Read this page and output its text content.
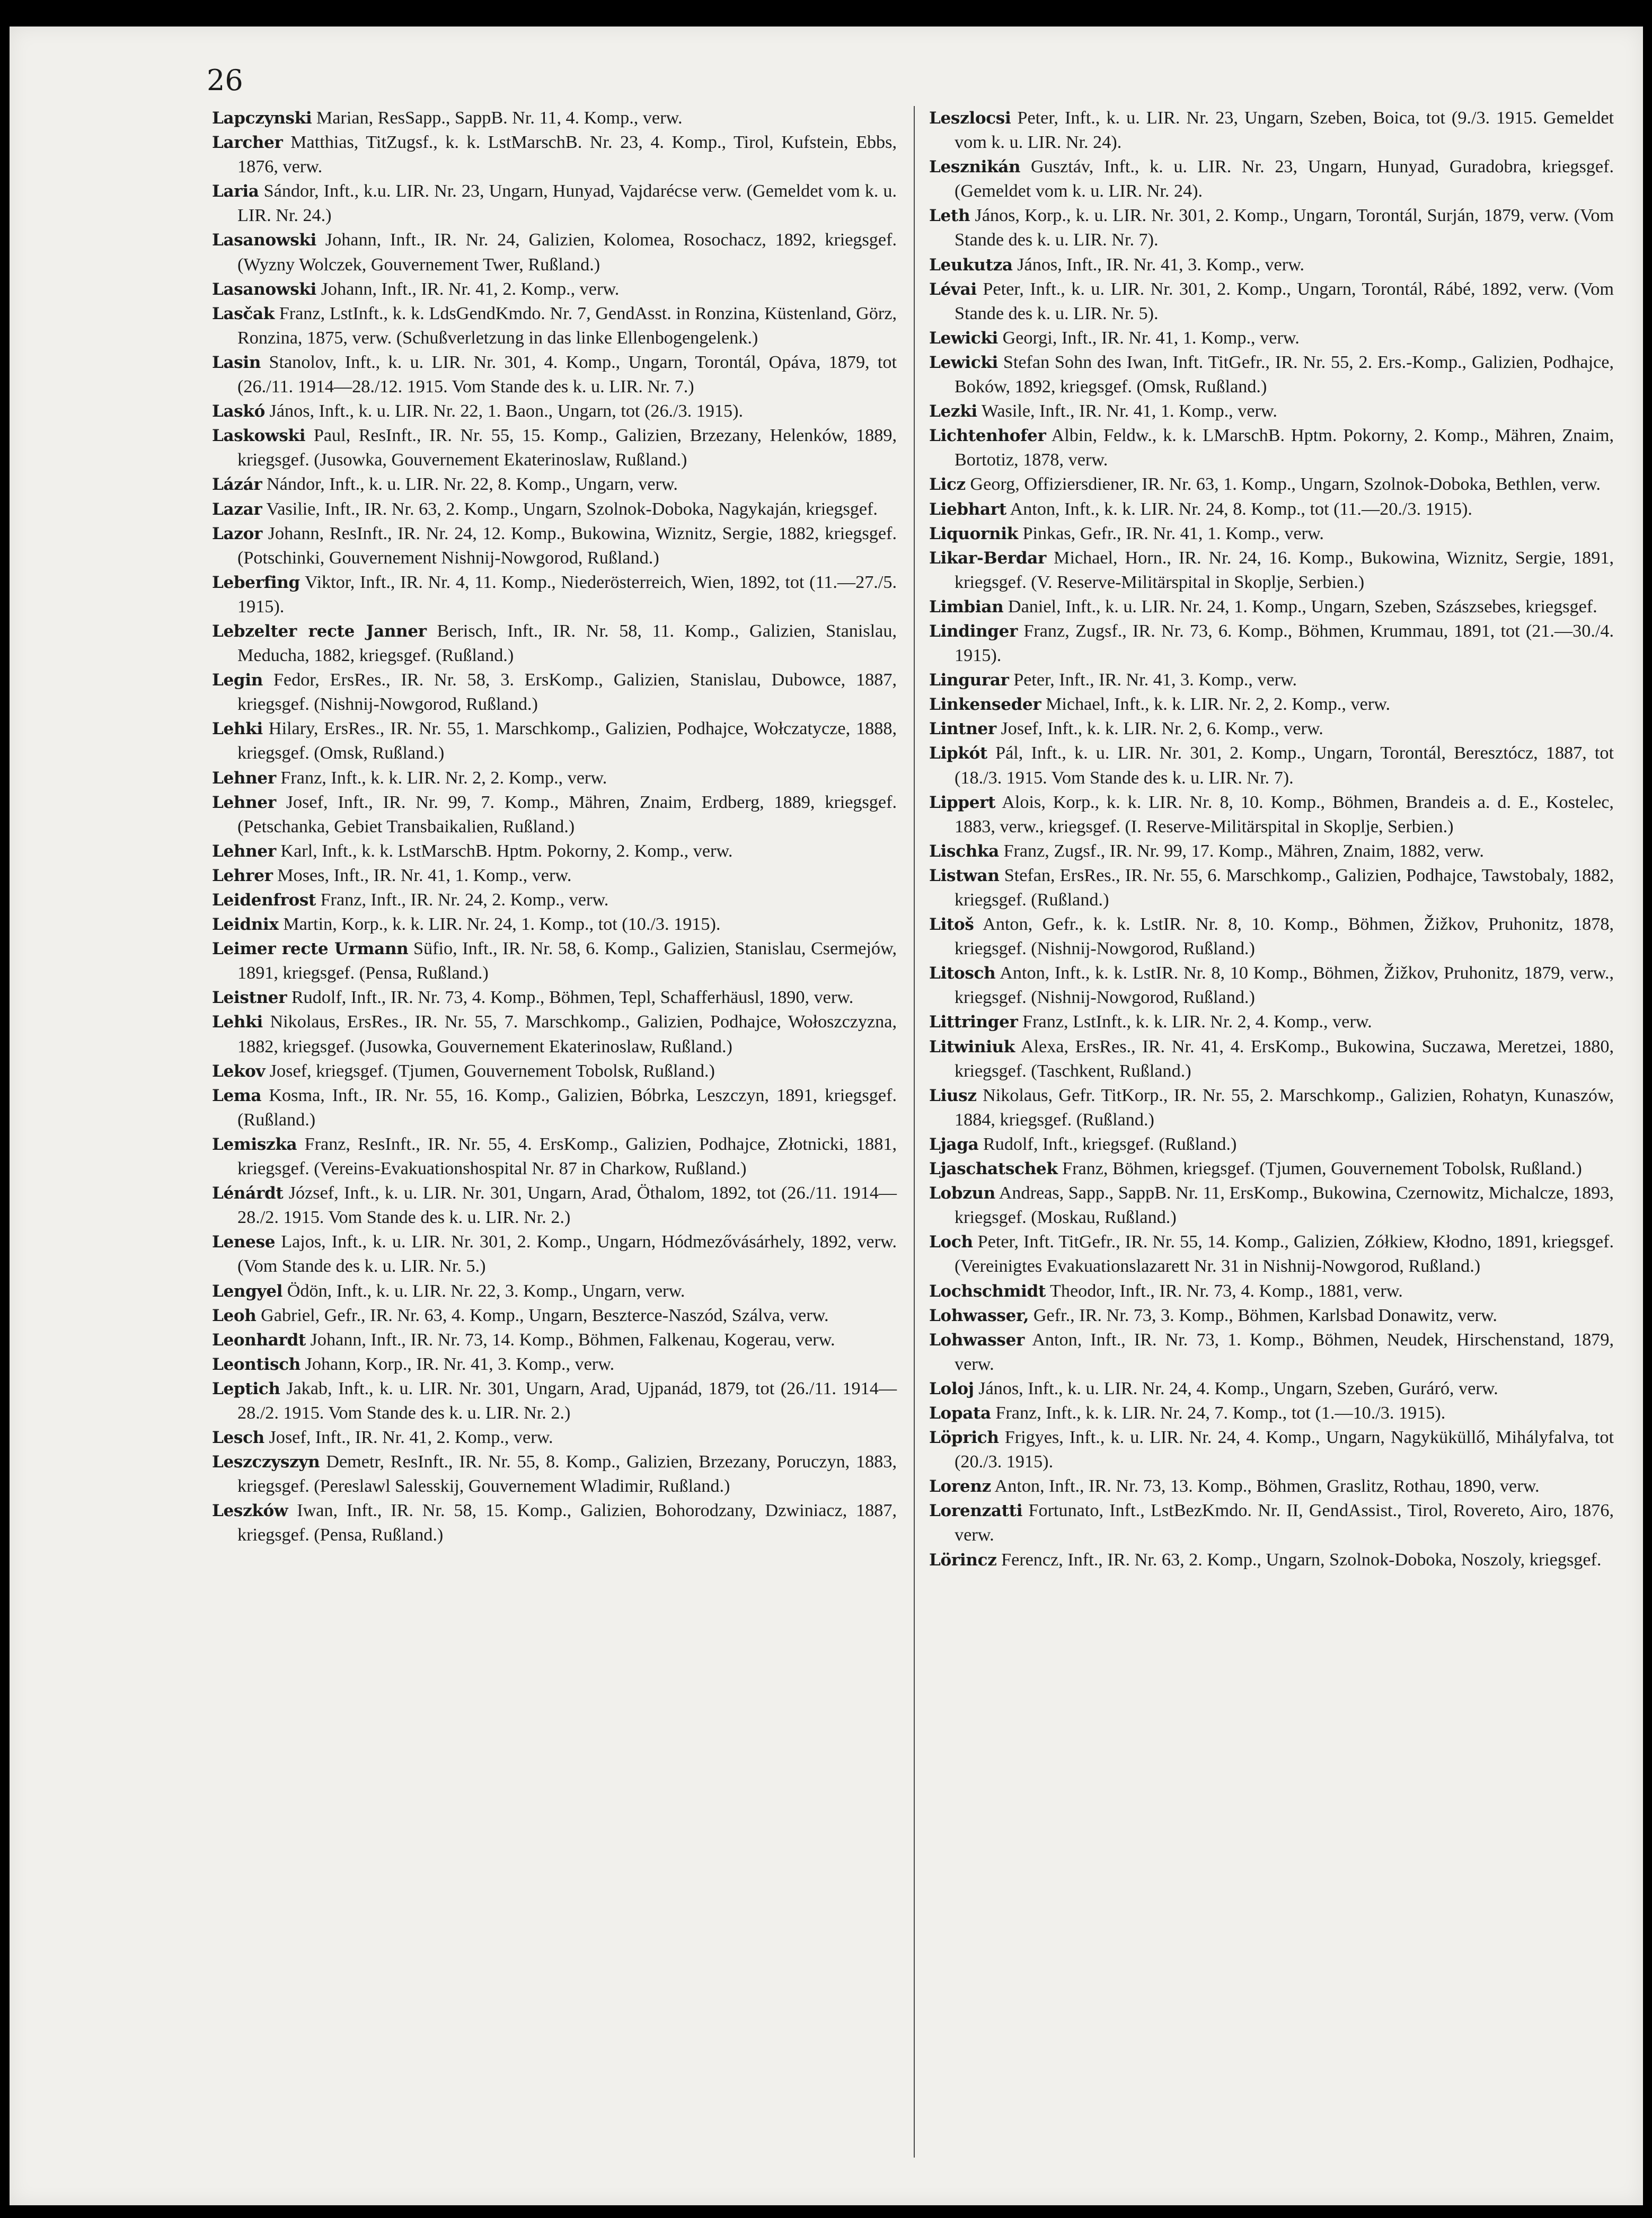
26

Lapczynski Marian, ResSapp., SappB. Nr. 11, 4. Komp., verw.

Larcher Matthias, TitZugsf., k. k. LstMarschB. Nr. 23, 4. Komp., Tirol, Kufstein, Ebbs, 1876, verw.

Laria Sándor, Inft., k.u. LIR. Nr. 23, Ungarn, Hunyad, Vajdarécse verw. (Gemeldet vom k. u. LIR. Nr. 24.)

Lasanowski Johann, Inft., IR. Nr. 24, Galizien, Kolomea, Rosochacz, 1892, kriegsgef. (Wyzny Wolczek, Gouvernement Twer, Rußland.)

Lasanowski Johann, Inft., IR. Nr. 41, 2. Komp., verw.

Lasčak Franz, LstInft., k. k. LdsGendKmdo. Nr. 7, GendAsst. in Ronzina, Küstenland, Görz, Ronzina, 1875, verw. (Schußverletzung in das linke Ellenbogengelenk.)

Lasin Stanolov, Inft., k. u. LIR. Nr. 301, 4. Komp., Ungarn, Torontál, Opáva, 1879, tot (26./11. 1914—28./12. 1915. Vom Stande des k. u. LIR. Nr. 7.)

Laskó János, Inft., k. u. LIR. Nr. 22, 1. Baon., Ungarn, tot (26./3. 1915).

Laskowski Paul, ResInft., IR. Nr. 55, 15. Komp., Galizien, Brzezany, Helenków, 1889, kriegsgef. (Jusowka, Gouvernement Ekaterinoslaw, Rußland.)

Lázár Nándor, Inft., k. u. LIR. Nr. 22, 8. Komp., Ungarn, verw.

Lazar Vasilie, Inft., IR. Nr. 63, 2. Komp., Ungarn, Szolnok-Doboka, Nagykaján, kriegsgef.

Lazor Johann, ResInft., IR. Nr. 24, 12. Komp., Bukowina, Wiznitz, Sergie, 1882, kriegsgef. (Potschinki, Gouvernement Nishnij-Nowgorod, Rußland.)

Leberfing Viktor, Inft., IR. Nr. 4, 11. Komp., Niederösterreich, Wien, 1892, tot (11.—27./5. 1915).

Lebzelter recte Janner Berisch, Inft., IR. Nr. 58, 11. Komp., Galizien, Stanislau, Meducha, 1882, kriegsgef. (Rußland.)

Legin Fedor, ErsRes., IR. Nr. 58, 3. ErsKomp., Galizien, Stanislau, Dubowce, 1887, kriegsgef. (Nishnij-Nowgorod, Rußland.)

Lehki Hilary, ErsRes., IR. Nr. 55, 1. Marschkomp., Galizien, Podhajce, Wołczatycze, 1888, kriegsgef. (Omsk, Rußland.)

Lehner Franz, Inft., k. k. LIR. Nr. 2, 2. Komp., verw.

Lehner Josef, Inft., IR. Nr. 99, 7. Komp., Mähren, Znaim, Erdberg, 1889, kriegsgef. (Petschanka, Gebiet Transbaikalien, Rußland.)

Lehner Karl, Inft., k. k. LstMarschB. Hptm. Pokorny, 2. Komp., verw.

Lehrer Moses, Inft., IR. Nr. 41, 1. Komp., verw.

Leidenfrost Franz, Inft., IR. Nr. 24, 2. Komp., verw.

Leidnix Martin, Korp., k. k. LIR. Nr. 24, 1. Komp., tot (10./3. 1915).

Leimer recte Urmann Süfio, Inft., IR. Nr. 58, 6. Komp., Galizien, Stanislau, Csermejów, 1891, kriegsgef. (Pensa, Rußland.)

Leistner Rudolf, Inft., IR. Nr. 73, 4. Komp., Böhmen, Tepl, Schafferhäusl, 1890, verw.

Lehki Nikolaus, ErsRes., IR. Nr. 55, 7. Marschkomp., Galizien, Podhajce, Wołoszczyzna, 1882, kriegsgef. (Jusowka, Gouvernement Ekaterinoslaw, Rußland.)

Lekov Josef, kriegsgef. (Tjumen, Gouvernement Tobolsk, Rußland.)

Lema Kosma, Inft., IR. Nr. 55, 16. Komp., Galizien, Bóbrka, Leszczyn, 1891, kriegsgef. (Rußland.)

Lemiszka Franz, ResInft., IR. Nr. 55, 4. ErsKomp., Galizien, Podhajce, Złotnicki, 1881, kriegsgef. (Vereins-Evakuationshospital Nr. 87 in Charkow, Rußland.)

Lénárdt József, Inft., k. u. LIR. Nr. 301, Ungarn, Arad, Öthalom, 1892, tot (26./11. 1914—28./2. 1915. Vom Stande des k. u. LIR. Nr. 2.)

Lenese Lajos, Inft., k. u. LIR. Nr. 301, 2. Komp., Ungarn, Hódmezővásárhely, 1892, verw. (Vom Stande des k. u. LIR. Nr. 5.)

Lengyel Ödön, Inft., k. u. LIR. Nr. 22, 3. Komp., Ungarn, verw.

Leoh Gabriel, Gefr., IR. Nr. 63, 4. Komp., Ungarn, Beszterce-Naszód, Szálva, verw.

Leonhardt Johann, Inft., IR. Nr. 73, 14. Komp., Böhmen, Falkenau, Kogerau, verw.

Leontisch Johann, Korp., IR. Nr. 41, 3. Komp., verw.

Leptich Jakab, Inft., k. u. LIR. Nr. 301, Ungarn, Arad, Ujpanád, 1879, tot (26./11. 1914—28./2. 1915. Vom Stande des k. u. LIR. Nr. 2.)

Lesch Josef, Inft., IR. Nr. 41, 2. Komp., verw.

Leszczyszyn Demetr, ResInft., IR. Nr. 55, 8. Komp., Galizien, Brzezany, Poruczyn, 1883, kriegsgef. (Pereslawl Salesskij, Gouvernement Wladimir, Rußland.)

Leszków Iwan, Inft., IR. Nr. 58, 15. Komp., Galizien, Bohorodzany, Dzwiniacz, 1887, kriegsgef. (Pensa, Rußland.)

Leszlocsi Peter, Inft., k. u. LIR. Nr. 23, Ungarn, Szeben, Boica, tot (9./3. 1915. Gemeldet vom k. u. LIR. Nr. 24).

Lesznikán Gusztáv, Inft., k. u. LIR. Nr. 23, Ungarn, Hunyad, Guradobra, kriegsgef. (Gemeldet vom k. u. LIR. Nr. 24).

Leth János, Korp., k. u. LIR. Nr. 301, 2. Komp., Ungarn, Torontál, Surján, 1879, verw. (Vom Stande des k. u. LIR. Nr. 7).

Leukutza János, Inft., IR. Nr. 41, 3. Komp., verw.

Lévai Peter, Inft., k. u. LIR. Nr. 301, 2. Komp., Ungarn, Torontál, Rábé, 1892, verw. (Vom Stande des k. u. LIR. Nr. 5).

Lewicki Georgi, Inft., IR. Nr. 41, 1. Komp., verw.

Lewicki Stefan Sohn des Iwan, Inft. TitGefr., IR. Nr. 55, 2. Ers.-Komp., Galizien, Podhajce, Boków, 1892, kriegsgef. (Omsk, Rußland.)

Lezki Wasile, Inft., IR. Nr. 41, 1. Komp., verw.

Lichtenhofer Albin, Feldw., k. k. LMarschB. Hptm. Pokorny, 2. Komp., Mähren, Znaim, Bortotiz, 1878, verw.

Licz Georg, Offiziersdiener, IR. Nr. 63, 1. Komp., Ungarn, Szolnok-Doboka, Bethlen, verw.

Liebhart Anton, Inft., k. k. LIR. Nr. 24, 8. Komp., tot (11.—20./3. 1915).

Liquornik Pinkas, Gefr., IR. Nr. 41, 1. Komp., verw.

Likar-Berdar Michael, Horn., IR. Nr. 24, 16. Komp., Bukowina, Wiznitz, Sergie, 1891, kriegsgef. (V. Reserve-Militärspital in Skoplje, Serbien.)

Limbian Daniel, Inft., k. u. LIR. Nr. 24, 1. Komp., Ungarn, Szeben, Szászsebes, kriegsgef.

Lindinger Franz, Zugsf., IR. Nr. 73, 6. Komp., Böhmen, Krummau, 1891, tot (21.—30./4. 1915).

Lingurar Peter, Inft., IR. Nr. 41, 3. Komp., verw.

Linkenseder Michael, Inft., k. k. LIR. Nr. 2, 2. Komp., verw.

Lintner Josef, Inft., k. k. LIR. Nr. 2, 6. Komp., verw.

Lipkót Pál, Inft., k. u. LIR. Nr. 301, 2. Komp., Ungarn, Torontál, Beresztócz, 1887, tot (18./3. 1915. Vom Stande des k. u. LIR. Nr. 7).

Lippert Alois, Korp., k. k. LIR. Nr. 8, 10. Komp., Böhmen, Brandeis a. d. E., Kostelec, 1883, verw., kriegsgef. (I. Reserve-Militärspital in Skoplje, Serbien.)

Lischka Franz, Zugsf., IR. Nr. 99, 17. Komp., Mähren, Znaim, 1882, verw.

Listwan Stefan, ErsRes., IR. Nr. 55, 6. Marschkomp., Galizien, Podhajce, Tawstobaly, 1882, kriegsgef. (Rußland.)

Litoš Anton, Gefr., k. k. LstIR. Nr. 8, 10. Komp., Böhmen, Žižkov, Pruhonitz, 1878, kriegsgef. (Nishnij-Nowgorod, Rußland.)

Litosch Anton, Inft., k. k. LstIR. Nr. 8, 10 Komp., Böhmen, Žižkov, Pruhonitz, 1879, verw., kriegsgef. (Nishnij-Nowgorod, Rußland.)

Littringer Franz, LstInft., k. k. LIR. Nr. 2, 4. Komp., verw.

Litwiniuk Alexa, ErsRes., IR. Nr. 41, 4. ErsKomp., Bukowina, Suczawa, Meretzei, 1880, kriegsgef. (Taschkent, Rußland.)

Liusz Nikolaus, Gefr. TitKorp., IR. Nr. 55, 2. Marschkomp., Galizien, Rohatyn, Kunaszów, 1884, kriegsgef. (Rußland.)

Ljaga Rudolf, Inft., kriegsgef. (Rußland.)

Ljaschatschek Franz, Böhmen, kriegsgef. (Tjumen, Gouvernement Tobolsk, Rußland.)

Lobzun Andreas, Sapp., SappB. Nr. 11, ErsKomp., Bukowina, Czernowitz, Michalcze, 1893, kriegsgef. (Moskau, Rußland.)

Loch Peter, Inft. TitGefr., IR. Nr. 55, 14. Komp., Galizien, Zółkiew, Kłodno, 1891, kriegsgef. (Vereinigtes Evakuationslazarett Nr. 31 in Nishnij-Nowgorod, Rußland.)

Lochschmidt Theodor, Inft., IR. Nr. 73, 4. Komp., 1881, verw.

Lohwasser, Gefr., IR. Nr. 73, 3. Komp., Böhmen, Karlsbad Donawitz, verw.

Lohwasser Anton, Inft., IR. Nr. 73, 1. Komp., Böhmen, Neudek, Hirschenstand, 1879, verw.

Loloj János, Inft., k. u. LIR. Nr. 24, 4. Komp., Ungarn, Szeben, Guráró, verw.

Lopata Franz, Inft., k. k. LIR. Nr. 24, 7. Komp., tot (1.—10./3. 1915).

Löprich Frigyes, Inft., k. u. LIR. Nr. 24, 4. Komp., Ungarn, Nagyküküllő, Mihályfalva, tot (20./3. 1915).

Lorenz Anton, Inft., IR. Nr. 73, 13. Komp., Böhmen, Graslitz, Rothau, 1890, verw.

Lorenzatti Fortunato, Inft., LstBezKmdo. Nr. II, GendAssist., Tirol, Rovereto, Airo, 1876, verw.

Lörincz Ferencz, Inft., IR. Nr. 63, 2. Komp., Ungarn, Szolnok-Doboka, Noszoly, kriegsgef.
